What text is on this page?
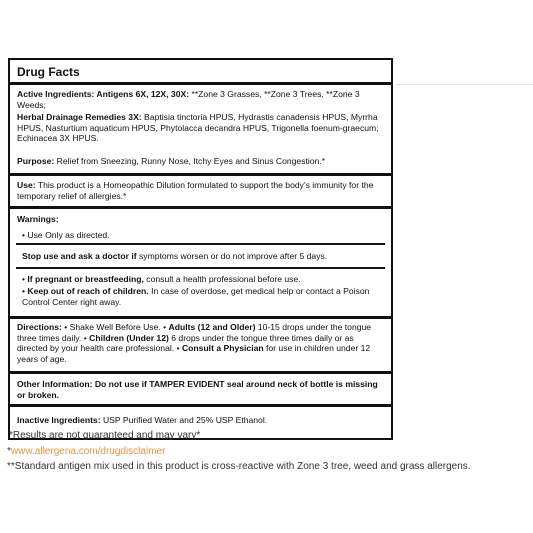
Drug Facts
Active Ingredients: Antigens 6X, 12X, 30X: **Zone 3 Grasses, **Zone 3 Trees, **Zone 3 Weeds;
Herbal Drainage Remedies 3X: Baptisia tinctoria HPUS, Hydrastis canadensis HPUS, Myrrha HPUS, Nasturtium aquaticum HPUS, Phytolacca decandra HPUS, Trigonella foenum-graecum; Echinacea 3X HPUS.
Purpose: Relief from Sneezing, Runny Nose, Itchy Eyes and Sinus Congestion.*
Use: This product is a Homeopathic Dilution formulated to support the body's immunity for the temporary relief of allergies.*
Warnings:
• Use Only as directed.
Stop use and ask a doctor if symptoms worsen or do not improve after 5 days.
• If pregnant or breastfeeding, consult a health professional before use.
• Keep out of reach of children. In case of overdose, get medical help or contact a Poison Control Center right away.
Directions: • Shake Well Before Use. • Adults (12 and Older) 10-15 drops under the tongue three times daily. • Children (Under 12) 6 drops under the tongue three times daily or as directed by your health care professional. • Consult a Physician for use in children under 12 years of age.
Other Information: Do not use if TAMPER EVIDENT seal around neck of bottle is missing or broken.
Inactive Ingredients: USP Purified Water and 25% USP Ethanol.
*Results are not guaranteed and may vary*
*www.allergena.com/drugdisclaimer
**Standard antigen mix used in this product is cross-reactive with Zone 3 tree, weed and grass allergens.
